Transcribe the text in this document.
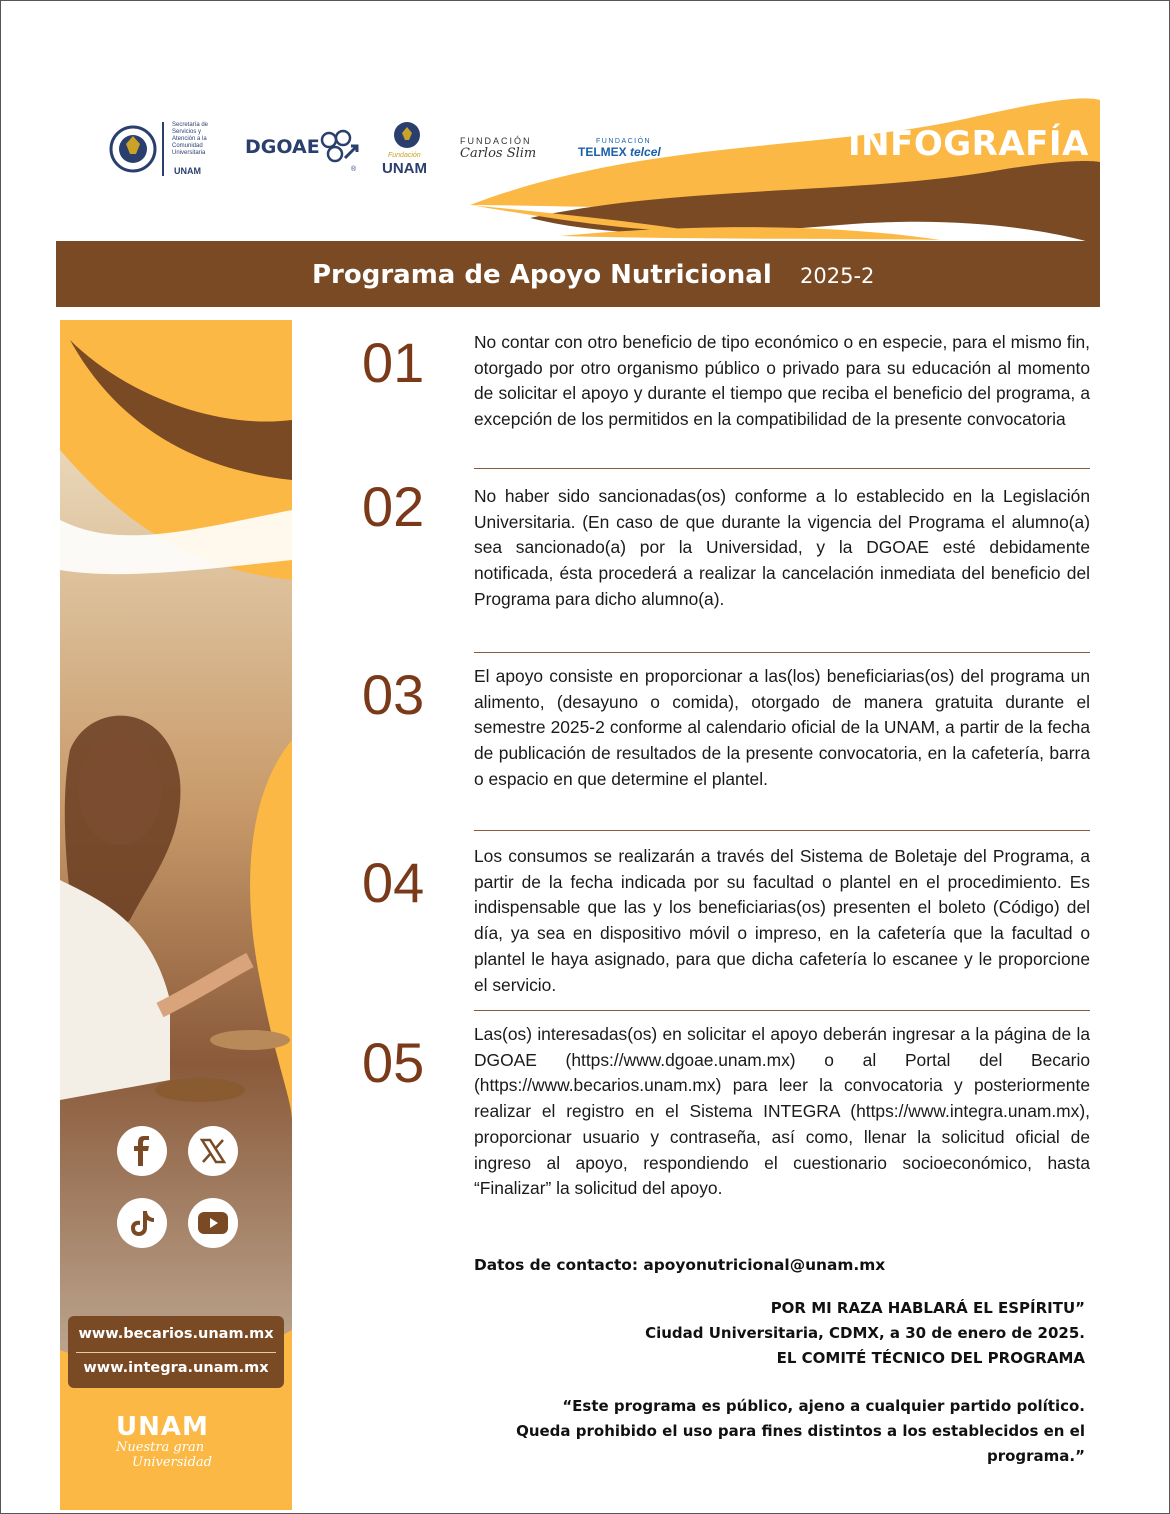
INFOGRAFÍA
Secretaría de
Servicios y
Atención a la
Comunidad
Universitaria
UNAM
DGOAE
®
Fundación
UNAM
FUNDACIÓN
Carlos Slim
FUNDACIÓN
TELMEX telcel
Programa de Apoyo Nutricional 2025-2
www.becarios.unam.mx
www.integra.unam.mx
UNAM
Nuestra gran
Universidad
01	No contar con otro beneficio de tipo económico o en especie, para el mismo fin, otorgado por otro organismo público o privado para su educación al momento de solicitar el apoyo y durante el tiempo que reciba el beneficio del programa, a excepción de los permitidos en la compatibilidad de la presente convocatoria
02	No haber sido sancionadas(os) conforme a lo establecido en la Legislación Universitaria. (En caso de que durante la vigencia del Programa el alumno(a) sea sancionado(a) por la Universidad, y la DGOAE esté debidamente notificada, ésta procederá a realizar la cancelación inmediata del beneficio del Programa para dicho alumno(a).
03	El apoyo consiste en proporcionar a las(los) beneficiarias(os) del programa un alimento, (desayuno o comida), otorgado de manera gratuita durante el semestre 2025-2 conforme al calendario oficial de la UNAM, a partir de la fecha de publicación de resultados de la presente convocatoria, en la cafetería, barra o espacio en que determine el plantel.
04	Los consumos se realizarán a través del Sistema de Boletaje del Programa, a partir de la fecha indicada por su facultad o plantel en el procedimiento. Es indispensable que las y los beneficiarias(os) presenten el boleto (Código) del día, ya sea en dispositivo móvil o impreso, en la cafetería que la facultad o plantel le haya asignado, para que dicha cafetería lo escanee y le proporcione el servicio.
05	Las(os) interesadas(os) en solicitar el apoyo deberán ingresar a la página de la DGOAE (https://www.dgoae.unam.mx) o al Portal del Becario (https://www.becarios.unam.mx) para leer la convocatoria y posteriormente realizar el registro en el Sistema INTEGRA (https://www.integra.unam.mx), proporcionar usuario y contraseña, así como, llenar la solicitud oficial de ingreso al apoyo, respondiendo el cuestionario socioeconómico, hasta “Finalizar” la solicitud del apoyo.
Datos de contacto: apoyonutricional@unam.mx
POR MI RAZA HABLARÁ EL ESPÍRITU”
Ciudad Universitaria, CDMX, a 30 de enero de 2025.
EL COMITÉ TÉCNICO DEL PROGRAMA
“Este programa es público, ajeno a cualquier partido político.
Queda prohibido el uso para fines distintos a los establecidos en el
programa.”
